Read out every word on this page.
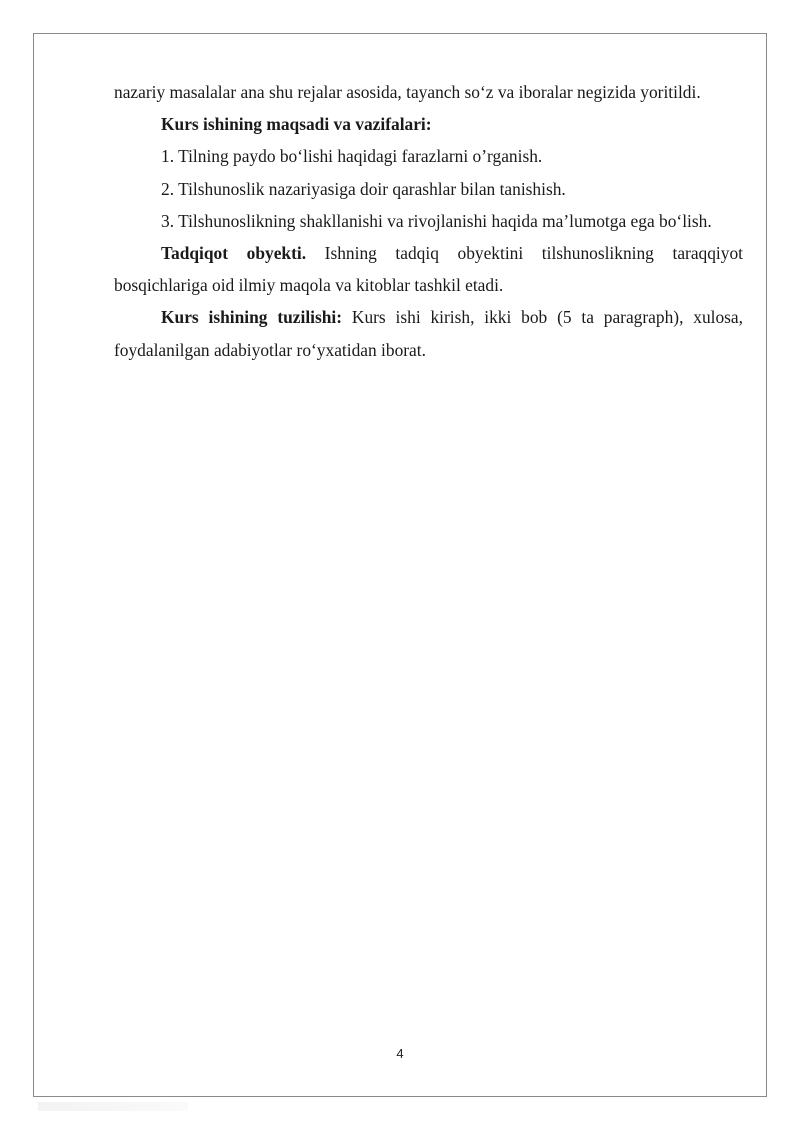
nazariy masalalar ana shu rejalar asosida, tayanch so‘z va iboralar negizida yoritildi.

Kurs ishining maqsadi va vazifalari:

1. Tilning paydo bo‘lishi haqidagi farazlarni o’rganish.

2. Tilshunoslik nazariyasiga doir qarashlar bilan tanishish.

3. Tilshunoslikning shakllanishi va rivojlanishi haqida ma’lumotga ega bo‘lish.

Tadqiqot obyekti. Ishning tadqiq obyektini tilshunoslikning taraqqiyot bosqichlariga oid ilmiy maqola va kitoblar tashkil etadi.

Kurs ishining tuzilishi: Kurs ishi kirish, ikki bob (5 ta paragraph), xulosa, foydalanilgan adabiyotlar ro‘yxatidan iborat.

4
